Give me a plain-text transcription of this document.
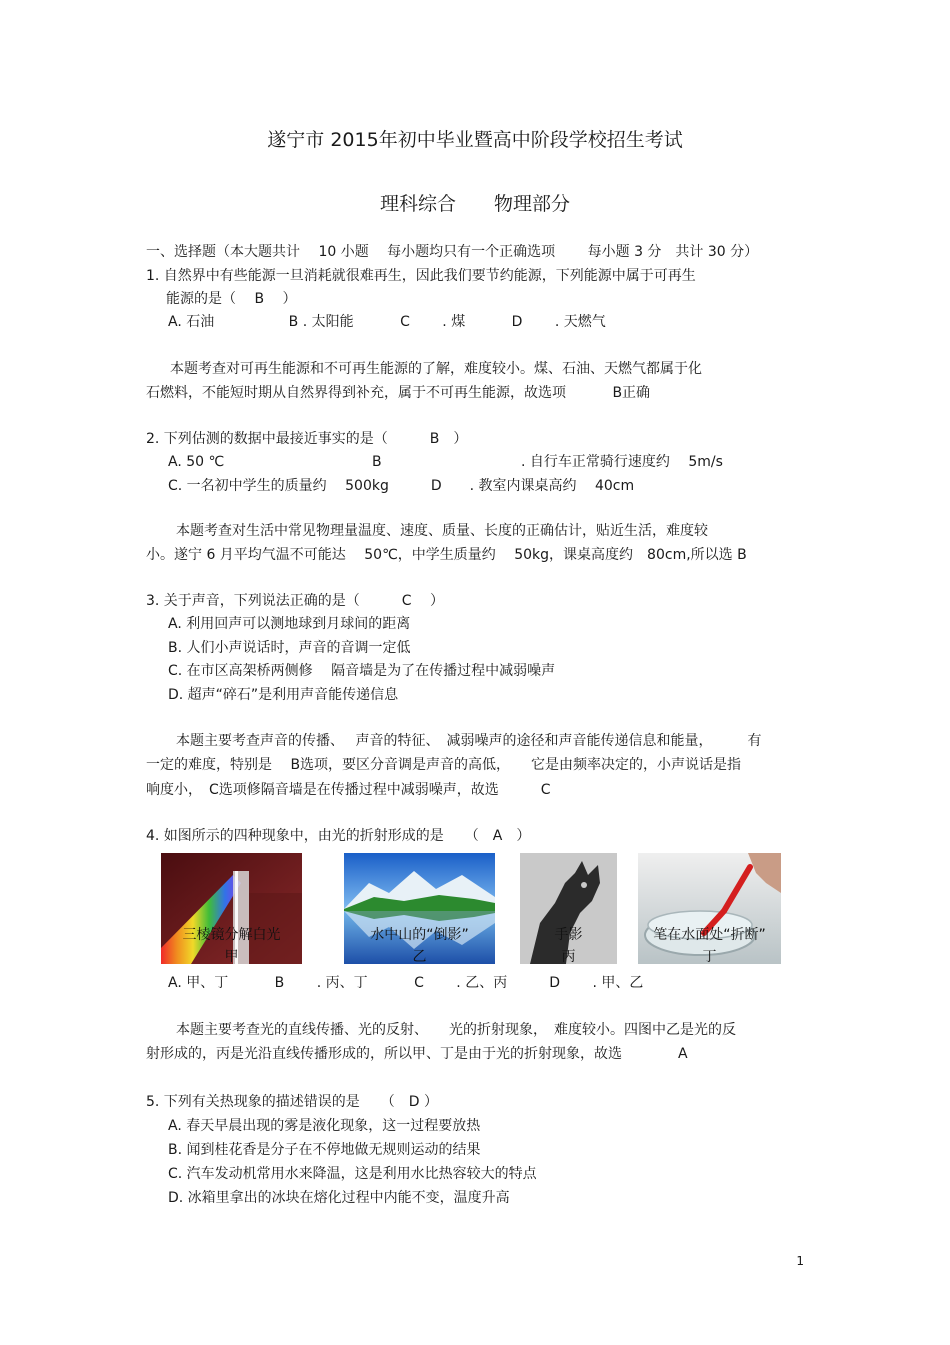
遂宁市 2015年初中毕业暨高中阶段学校招生考试
理科综合　　物理部分
一、选择题（本大题共计　 10 小题　 每小题均只有一个正确选项　　 每小题 3 分　共计 30 分）
1. 自然界中有些能源一旦消耗就很难再生，因此我们要节约能源，下列能源中属于可再生
能源的是（　 B　 ）
A. 石油　　　　　 B . 太阳能　　　 C　　 . 煤　　　 D　　 . 天燃气
本题考查对可再生能源和不可再生能源的了解，难度较小。煤、石油、天燃气都属于化
石燃料，不能短时期从自然界得到补充，属于不可再生能源，故选项　　　 B正确
2. 下列估测的数据中最接近事实的是（　　　B　）
A. 50 ℃	B	. 自行车正常骑行速度约　 5m/s
C. 一名初中学生的质量约　 500kg　　　D　　. 教室内课桌高约　 40cm
本题考查对生活中常见物理量温度、速度、质量、长度的正确估计，贴近生活，难度较
小。遂宁 6 月平均气温不可能达　 50℃，中学生质量约　 50kg，课桌高度约　80cm,所以选 B
3. 关于声音，下列说法正确的是（　　　C　 ）
A. 利用回声可以测地球到月球间的距离
B. 人们小声说话时，声音的音调一定低
C. 在市区高架桥两侧修　 隔音墙是为了在传播过程中减弱噪声
D. 超声“碎石”是利用声音能传递信息
本题主要考查声音的传播、　 声音的特征、　减弱噪声的途径和声音能传递信息和能量，　　　有
一定的难度，特别是　 B选项，要区分音调是声音的高低，　　它是由频率决定的，小声说话是指
响度小，　C选项修隔音墙是在传播过程中减弱噪声，故选　　　C
4. 如图所示的四种现象中，由光的折射形成的是　　（　A　）
三棱镜分解白光
甲
水中山的“倒影”
乙
手影
丙
笔在水面处“折断”
丁
A. 甲、丁　　　 B　　 . 丙、丁　　　 C　　 . 乙、丙　　　D　　 . 甲、乙
本题主要考查光的直线传播、光的反射、　　光的折射现象，　难度较小。四图中乙是光的反
射形成的，丙是光沿直线传播形成的，所以甲、丁是由于光的折射现象，故选　　　　A
5. 下列有关热现象的描述错误的是　　（　D ）
A. 春天早晨出现的雾是液化现象，这一过程要放热
B. 闻到桂花香是分子在不停地做无规则运动的结果
C. 汽车发动机常用水来降温，这是利用水比热容较大的特点
D. 冰箱里拿出的冰块在熔化过程中内能不变，温度升高
1
